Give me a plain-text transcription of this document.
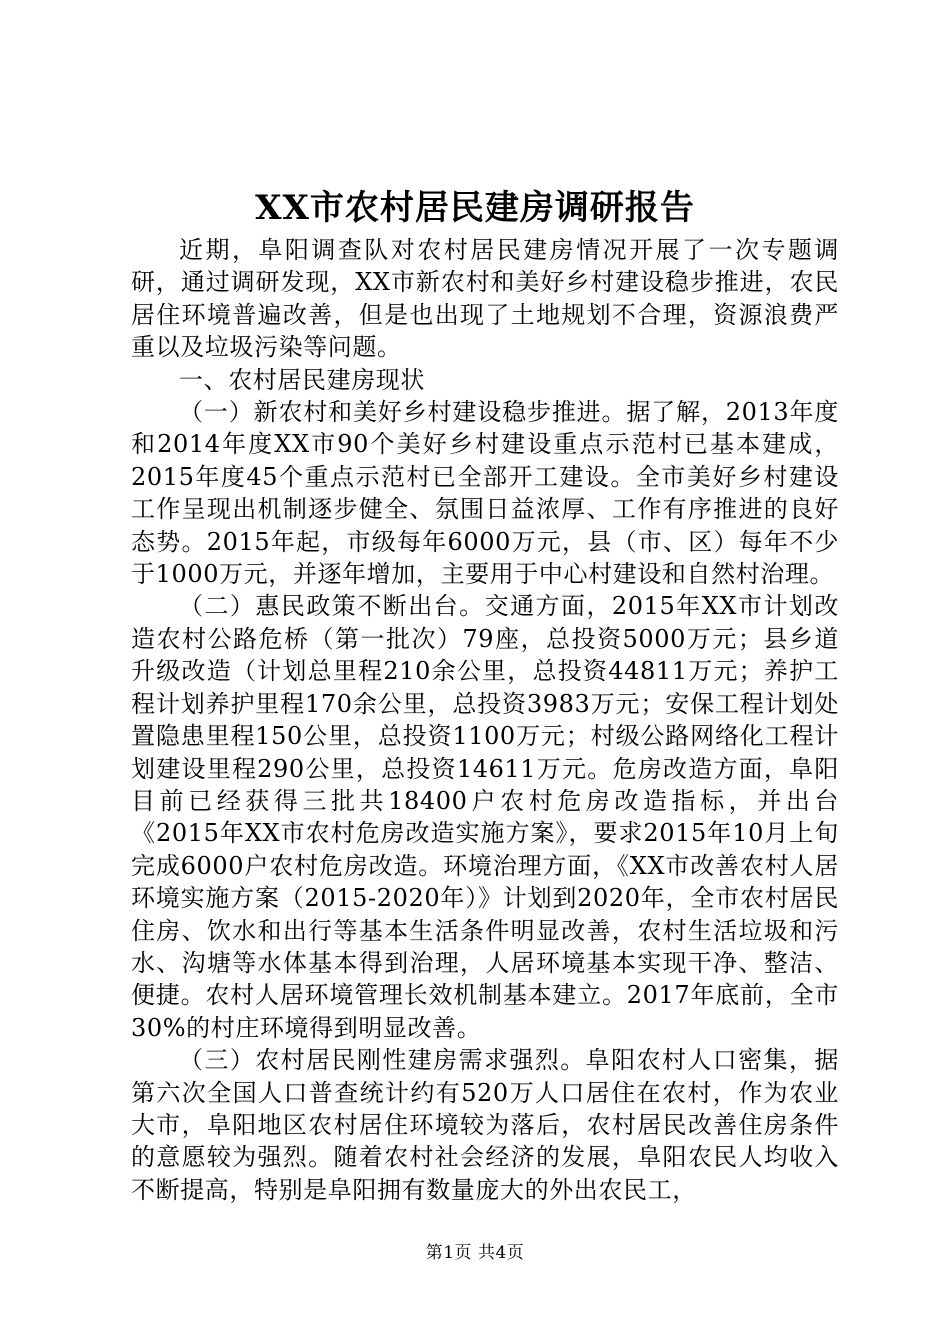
XX市农村居民建房调研报告

近期，阜阳调查队对农村居民建房情况开展了一次专题调研，通过调研发现，XX市新农村和美好乡村建设稳步推进，农民居住环境普遍改善，但是也出现了土地规划不合理，资源浪费严重以及垃圾污染等问题。

一、农村居民建房现状

（一）新农村和美好乡村建设稳步推进。据了解，2013年度和2014年度XX市90个美好乡村建设重点示范村已基本建成，2015年度45个重点示范村已全部开工建设。全市美好乡村建设工作呈现出机制逐步健全、氛围日益浓厚、工作有序推进的良好态势。2015年起，市级每年6000万元，县（市、区）每年不少于1000万元，并逐年增加，主要用于中心村建设和自然村治理。

（二）惠民政策不断出台。交通方面，2015年XX市计划改造农村公路危桥（第一批次）79座，总投资5000万元；县乡道升级改造（计划总里程210余公里，总投资44811万元；养护工程计划养护里程170余公里，总投资3983万元；安保工程计划处置隐患里程150公里，总投资1100万元；村级公路网络化工程计划建设里程290公里，总投资14611万元。危房改造方面，阜阳目前已经获得三批共18400户农村危房改造指标，并出台《2015年XX市农村危房改造实施方案》，要求2015年10月上旬完成6000户农村危房改造。环境治理方面，《XX市改善农村人居环境实施方案（2015-2020年）》计划到2020年，全市农村居民住房、饮水和出行等基本生活条件明显改善，农村生活垃圾和污水、沟塘等水体基本得到治理，人居环境基本实现干净、整洁、便捷。农村人居环境管理长效机制基本建立。2017年底前，全市30%的村庄环境得到明显改善。

（三）农村居民刚性建房需求强烈。阜阳农村人口密集，据第六次全国人口普查统计约有520万人口居住在农村，作为农业大市，阜阳地区农村居住环境较为落后，农村居民改善住房条件的意愿较为强烈。随着农村社会经济的发展，阜阳农民人均收入不断提高，特别是阜阳拥有数量庞大的外出农民工，

第1页 共4页
